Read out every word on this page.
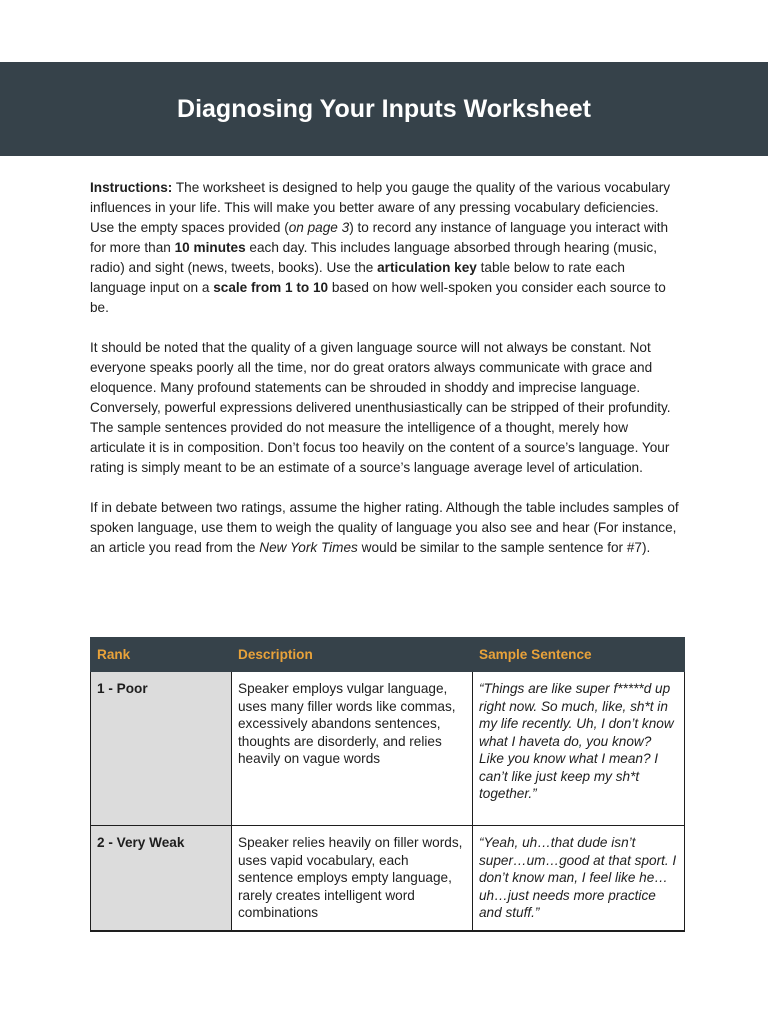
Diagnosing Your Inputs Worksheet

Instructions: The worksheet is designed to help you gauge the quality of the various vocabulary influences in your life. This will make you better aware of any pressing vocabulary deficiencies. Use the empty spaces provided (on page 3) to record any instance of language you interact with for more than 10 minutes each day. This includes language absorbed through hearing (music, radio) and sight (news, tweets, books). Use the articulation key table below to rate each language input on a scale from 1 to 10 based on how well-spoken you consider each source to be.

It should be noted that the quality of a given language source will not always be constant. Not everyone speaks poorly all the time, nor do great orators always communicate with grace and eloquence. Many profound statements can be shrouded in shoddy and imprecise language. Conversely, powerful expressions delivered unenthusiastically can be stripped of their profundity. The sample sentences provided do not measure the intelligence of a thought, merely how articulate it is in composition. Don’t focus too heavily on the content of a source’s language. Your rating is simply meant to be an estimate of a source’s language average level of articulation.

If in debate between two ratings, assume the higher rating. Although the table includes samples of spoken language, use them to weigh the quality of language you also see and hear (For instance, an article you read from the New York Times would be similar to the sample sentence for #7).

Rank	Description	Sample Sentence
1 - Poor	Speaker employs vulgar language, uses many filler words like commas, excessively abandons sentences, thoughts are disorderly, and relies heavily on vague words	“Things are like super f*****d up right now. So much, like, sh*t in my life recently. Uh, I don’t know what I haveta do, you know? Like you know what I mean? I can’t like just keep my sh*t together.”
2 - Very Weak	Speaker relies heavily on filler words, uses vapid vocabulary, each sentence employs empty language, rarely creates intelligent word combinations	“Yeah, uh…that dude isn’t super…um…good at that sport. I don’t know man, I feel like he…uh…just needs more practice and stuff.”
